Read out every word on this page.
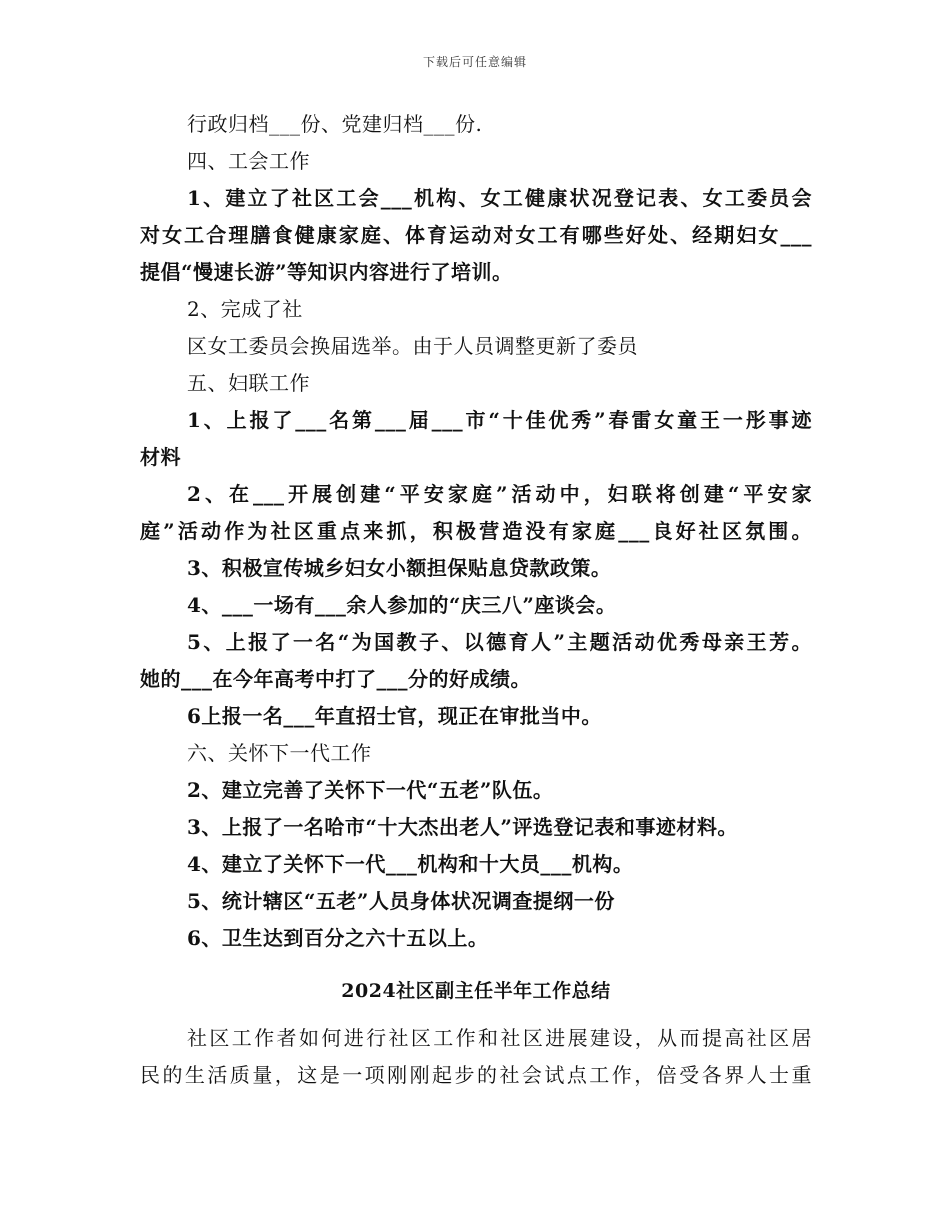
下载后可任意编辑
行政归档___份、党建归档___份.
四、工会工作
1、建立了社区工会___机构、女工健康状况登记表、女工委员会
对女工合理膳食健康家庭、体育运动对女工有哪些好处、经期妇女___
提倡“慢速长游”等知识内容进行了培训。
2、完成了社
区女工委员会换届选举。由于人员调整更新了委员
五、妇联工作
1、上报了___名第___届___市“十佳优秀”春雷女童王一彤事迹
材料
2、在___开展创建“平安家庭”活动中，妇联将创建“平安家
庭”活动作为社区重点来抓，积极营造没有家庭___良好社区氛围。
3、积极宣传城乡妇女小额担保贴息贷款政策。
4、___一场有___余人参加的“庆三八”座谈会。
5、上报了一名“为国教子、以德育人”主题活动优秀母亲王芳。
她的___在今年高考中打了___分的好成绩。
6上报一名___年直招士官，现正在审批当中。
六、关怀下一代工作
2、建立完善了关怀下一代“五老”队伍。
3、上报了一名哈市“十大杰出老人”评选登记表和事迹材料。
4、建立了关怀下一代___机构和十大员___机构。
5、统计辖区“五老”人员身体状况调查提纲一份
6、卫生达到百分之六十五以上。
2024社区副主任半年工作总结
社区工作者如何进行社区工作和社区进展建设，从而提高社区居
民的生活质量，这是一项刚刚起步的社会试点工作，倍受各界人士重
